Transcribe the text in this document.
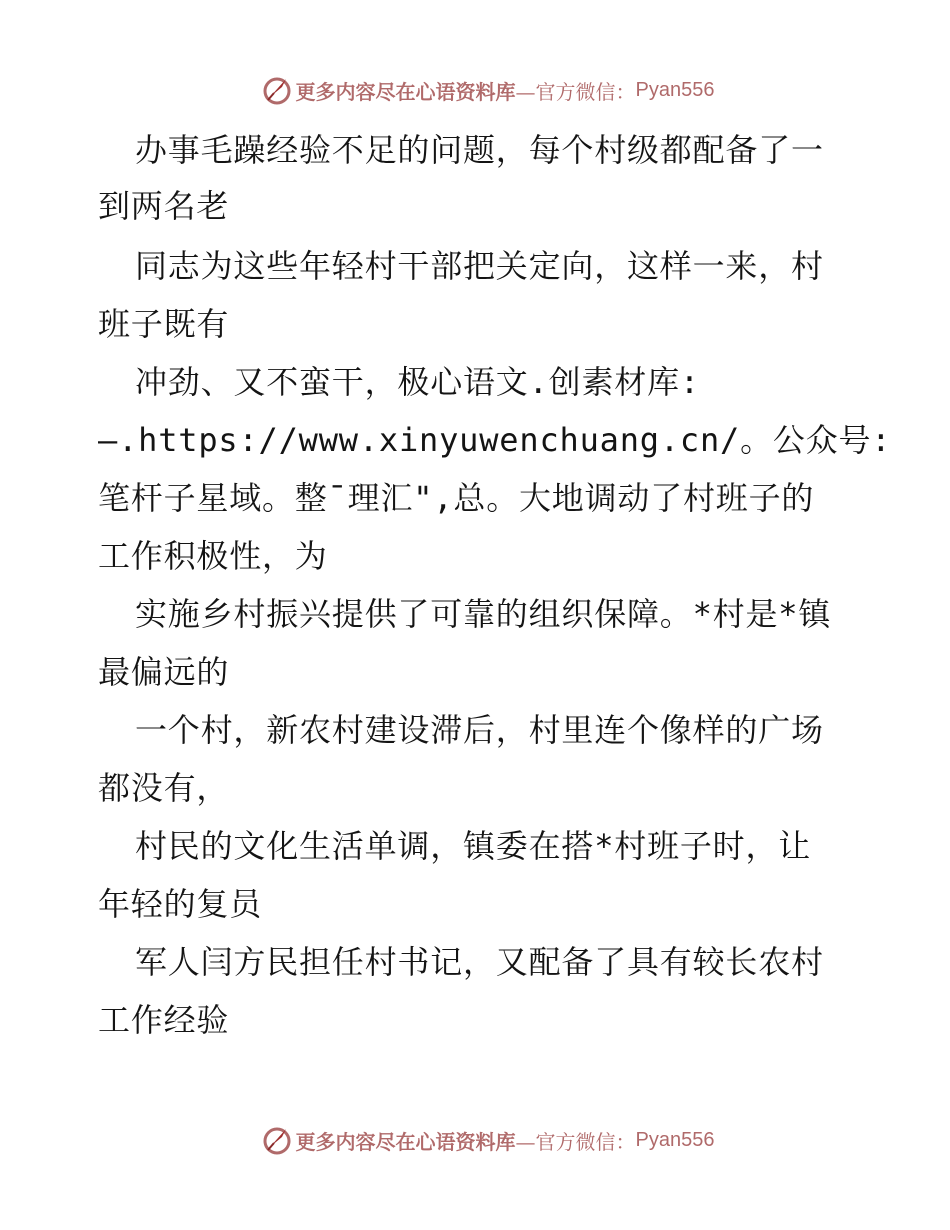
更多内容尽在心语资料库 —官方微信： Pyan556
办事毛躁经验不足的问题，每个村级都配备了一
到两名老
同志为这些年轻村干部把关定向，这样一来，村
班子既有
冲劲、又不蛮干，极心语文.创素材库:
—.https://www.xinyuwenchuang.cn/。公众号:
笔杆子星域。整¯理汇",总。大地调动了村班子的
工作积极性，为
实施乡村振兴提供了可靠的组织保障。*村是*镇
最偏远的
一个村，新农村建设滞后，村里连个像样的广场
都没有，
村民的文化生活单调，镇委在搭*村班子时，让
年轻的复员
军人闫方民担任村书记，又配备了具有较长农村
工作经验
更多内容尽在心语资料库 —官方微信： Pyan556
